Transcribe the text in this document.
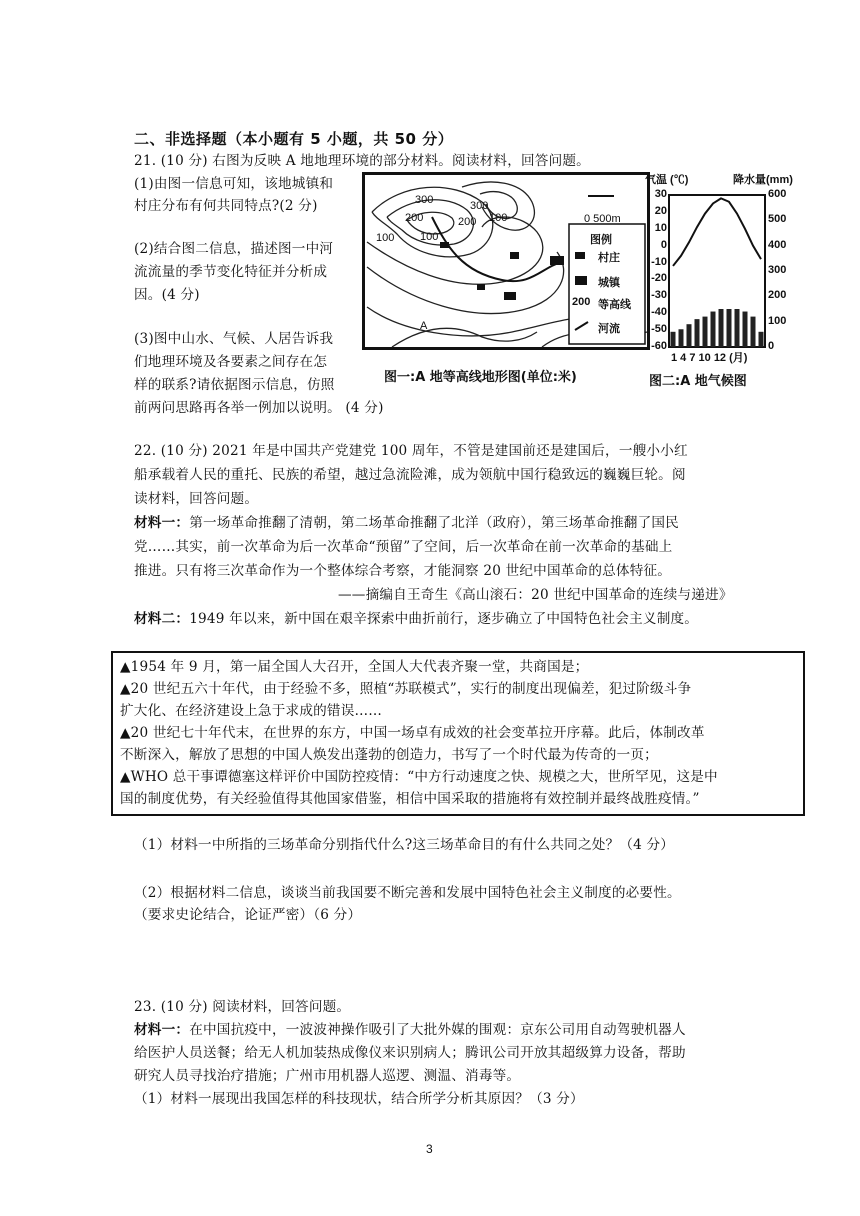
二、非选择题（本小题有 5 小题，共 50 分）
21. (10 分) 右图为反映 A 地地理环境的部分材料。阅读材料，回答问题。
(1)由图一信息可知，该地城镇和
村庄分布有何共同特点?(2 分)
(2)结合图二信息，描述图一中河
流流量的季节变化特征并分析成
因。(4 分)
(3)图中山水、气候、人居告诉我
们地理环境及各要素之间存在怎
样的联系?请依据图示信息，仿照
前两问思路再各举一例加以说明。 (4 分)
300
200
100
300
200 100
100
A
0 500m
图例
村庄
城镇
200 等高线
河流
图一:A 地等高线地形图(单位:米)
气温 (℃)	降水量(mm)
1 4 7 10 12 (月)
30
20
10
0
-10
-20
-30
-40
-50
-60
600
500
400
300
200
100
0
图二:A 地气候图
22. (10 分) 2021 年是中国共产党建党 100 周年，不管是建国前还是建国后，一艘小小红
船承载着人民的重托、民族的希望，越过急流险滩，成为领航中国行稳致远的巍巍巨轮。阅
读材料，回答问题。
材料一：第一场革命推翻了清朝，第二场革命推翻了北洋（政府），第三场革命推翻了国民
党……其实，前一次革命为后一次革命“预留”了空间，后一次革命在前一次革命的基础上
推进。只有将三次革命作为一个整体综合考察，才能洞察 20 世纪中国革命的总体特征。
——摘编自王奇生《高山滚石：20 世纪中国革命的连续与递进》
材料二：1949 年以来，新中国在艰辛探索中曲折前行，逐步确立了中国特色社会主义制度。
▲1954 年 9 月，第一届全国人大召开，全国人大代表齐聚一堂，共商国是；
▲20 世纪五六十年代，由于经验不多，照植“苏联模式”，实行的制度出现偏差，犯过阶级斗争
扩大化、在经济建设上急于求成的错误……
▲20 世纪七十年代末，在世界的东方，中国一场卓有成效的社会变革拉开序幕。此后，体制改革
不断深入，解放了思想的中国人焕发出蓬勃的创造力，书写了一个时代最为传奇的一页；
▲WHO 总干事谭德塞这样评价中国防控疫情：“中方行动速度之快、规模之大，世所罕见，这是中
国的制度优势，有关经验值得其他国家借鉴，相信中国采取的措施将有效控制并最终战胜疫情。”
（1）材料一中所指的三场革命分别指代什么?这三场革命目的有什么共同之处？（4 分）
（2）根据材料二信息，谈谈当前我国要不断完善和发展中国特色社会主义制度的必要性。
（要求史论结合，论证严密）（6 分）
23. (10 分) 阅读材料，回答问题。
材料一：在中国抗疫中，一波波神操作吸引了大批外媒的围观：京东公司用自动驾驶机器人
给医护人员送餐；给无人机加装热成像仪来识别病人；腾讯公司开放其超级算力设备，帮助
研究人员寻找治疗措施；广州市用机器人巡逻、测温、消毒等。
（1）材料一展现出我国怎样的科技现状，结合所学分析其原因？（3 分）
3
